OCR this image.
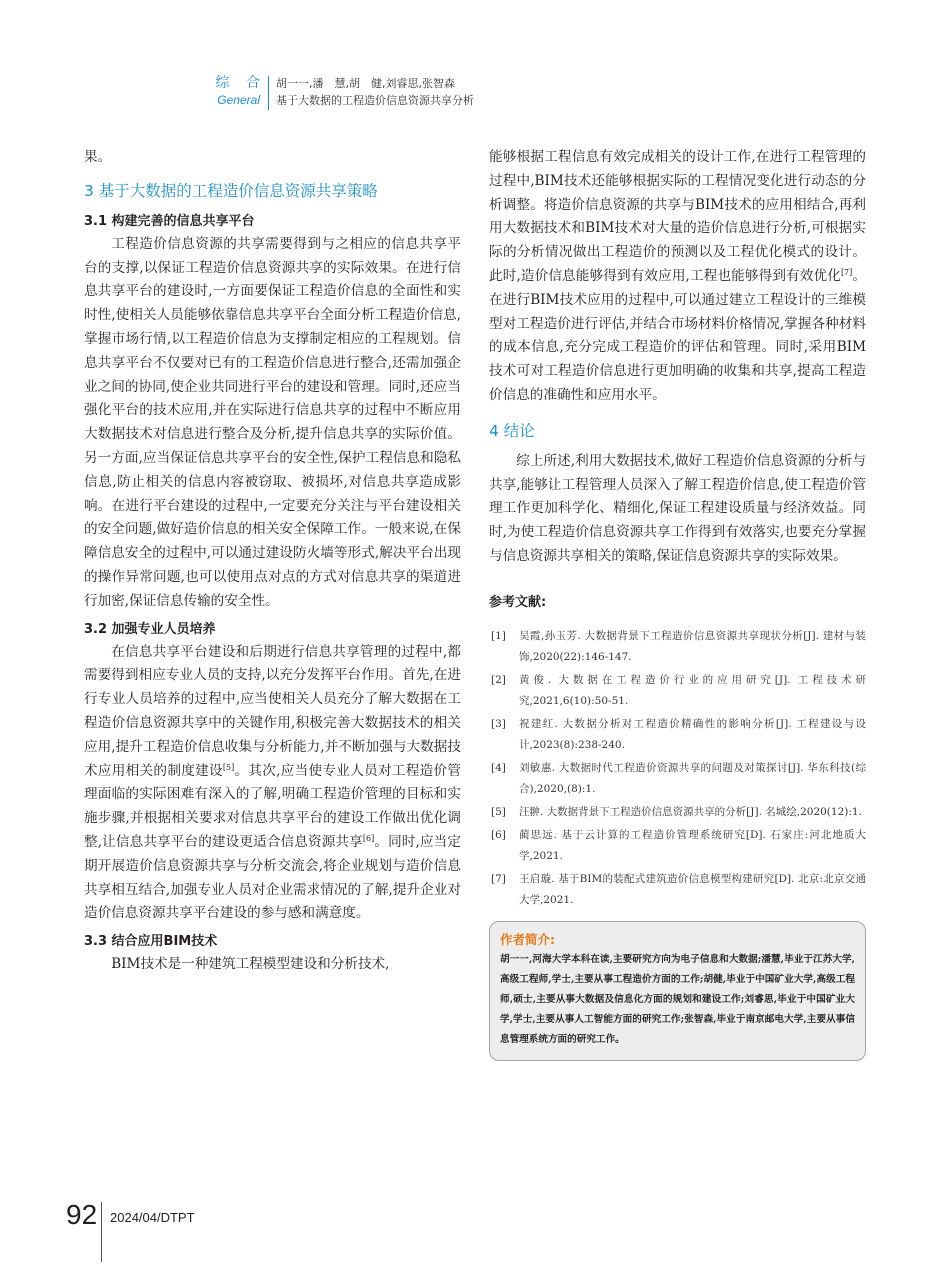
综 合
General
胡一一,潘　慧,胡　健,刘睿思,张智森
基于大数据的工程造价信息资源共享分析

果。

3 基于大数据的工程造价信息资源共享策略
3.1 构建完善的信息共享平台

工程造价信息资源的共享需要得到与之相应的信息共享平台的支撑,以保证工程造价信息资源共享的实际效果。在进行信息共享平台的建设时,一方面要保证工程造价信息的全面性和实时性,使相关人员能够依靠信息共享平台全面分析工程造价信息,掌握市场行情,以工程造价信息为支撑制定相应的工程规划。信息共享平台不仅要对已有的工程造价信息进行整合,还需加强企业之间的协同,使企业共同进行平台的建设和管理。同时,还应当强化平台的技术应用,并在实际进行信息共享的过程中不断应用大数据技术对信息进行整合及分析,提升信息共享的实际价值。另一方面,应当保证信息共享平台的安全性,保护工程信息和隐私信息,防止相关的信息内容被窃取、被损坏,对信息共享造成影响。在进行平台建设的过程中,一定要充分关注与平台建设相关的安全问题,做好造价信息的相关安全保障工作。一般来说,在保障信息安全的过程中,可以通过建设防火墙等形式,解决平台出现的操作异常问题,也可以使用点对点的方式对信息共享的渠道进行加密,保证信息传输的安全性。

3.2 加强专业人员培养

在信息共享平台建设和后期进行信息共享管理的过程中,都需要得到相应专业人员的支持,以充分发挥平台作用。首先,在进行专业人员培养的过程中,应当使相关人员充分了解大数据在工程造价信息资源共享中的关键作用,积极完善大数据技术的相关应用,提升工程造价信息收集与分析能力,并不断加强与大数据技术应用相关的制度建设[5]。其次,应当使专业人员对工程造价管理面临的实际困难有深入的了解,明确工程造价管理的目标和实施步骤,并根据相关要求对信息共享平台的建设工作做出优化调整,让信息共享平台的建设更适合信息资源共享[6]。同时,应当定期开展造价信息资源共享与分析交流会,将企业规划与造价信息共享相互结合,加强专业人员对企业需求情况的了解,提升企业对造价信息资源共享平台建设的参与感和满意度。

3.3 结合应用BIM技术

BIM技术是一种建筑工程模型建设和分析技术,

能够根据工程信息有效完成相关的设计工作,在进行工程管理的过程中,BIM技术还能够根据实际的工程情况变化进行动态的分析调整。将造价信息资源的共享与BIM技术的应用相结合,再利用大数据技术和BIM技术对大量的造价信息进行分析,可根据实际的分析情况做出工程造价的预测以及工程优化模式的设计。此时,造价信息能够得到有效应用,工程也能够得到有效优化[7]。在进行BIM技术应用的过程中,可以通过建立工程设计的三维模型对工程造价进行评估,并结合市场材料价格情况,掌握各种材料的成本信息,充分完成工程造价的评估和管理。同时,采用BIM技术可对工程造价信息进行更加明确的收集和共享,提高工程造价信息的准确性和应用水平。

4 结论

综上所述,利用大数据技术,做好工程造价信息资源的分析与共享,能够让工程管理人员深入了解工程造价信息,使工程造价管理工作更加科学化、精细化,保证工程建设质量与经济效益。同时,为使工程造价信息资源共享工作得到有效落实,也要充分掌握与信息资源共享相关的策略,保证信息资源共享的实际效果。

参考文献:
[1] 吴霞,孙玉芳. 大数据背景下工程造价信息资源共享现状分析[J]. 建材与装饰,2020(22):146-147.
[2] 黄俊. 大数据在工程造价行业的应用研究[J]. 工程技术研究,2021,6(10):50-51.
[3] 祝建红. 大数据分析对工程造价精确性的影响分析[J]. 工程建设与设计,2023(8):238-240.
[4] 刘敏惠. 大数据时代工程造价资源共享的问题及对策探讨[J]. 华东科技(综合),2020,(8):1.
[5] 汪翀. 大数据背景下工程造价信息资源共享的分析[J]. 名城绘,2020(12):1.
[6] 蔺思远. 基于云计算的工程造价管理系统研究[D]. 石家庄:河北地质大学,2021.
[7] 王启璇. 基于BIM的装配式建筑造价信息模型构建研究[D]. 北京:北京交通大学,2021.
作者简介:
胡一一,河海大学本科在读,主要研究方向为电子信息和大数据;潘慧,毕业于江苏大学,高级工程师,学士,主要从事工程造价方面的工作;胡健,毕业于中国矿业大学,高级工程师,硕士,主要从事大数据及信息化方面的规划和建设工作;刘睿思,毕业于中国矿业大学,学士,主要从事人工智能方面的研究工作;张智森,毕业于南京邮电大学,主要从事信息管理系统方面的研究工作。
92 2024/04/DTPT
